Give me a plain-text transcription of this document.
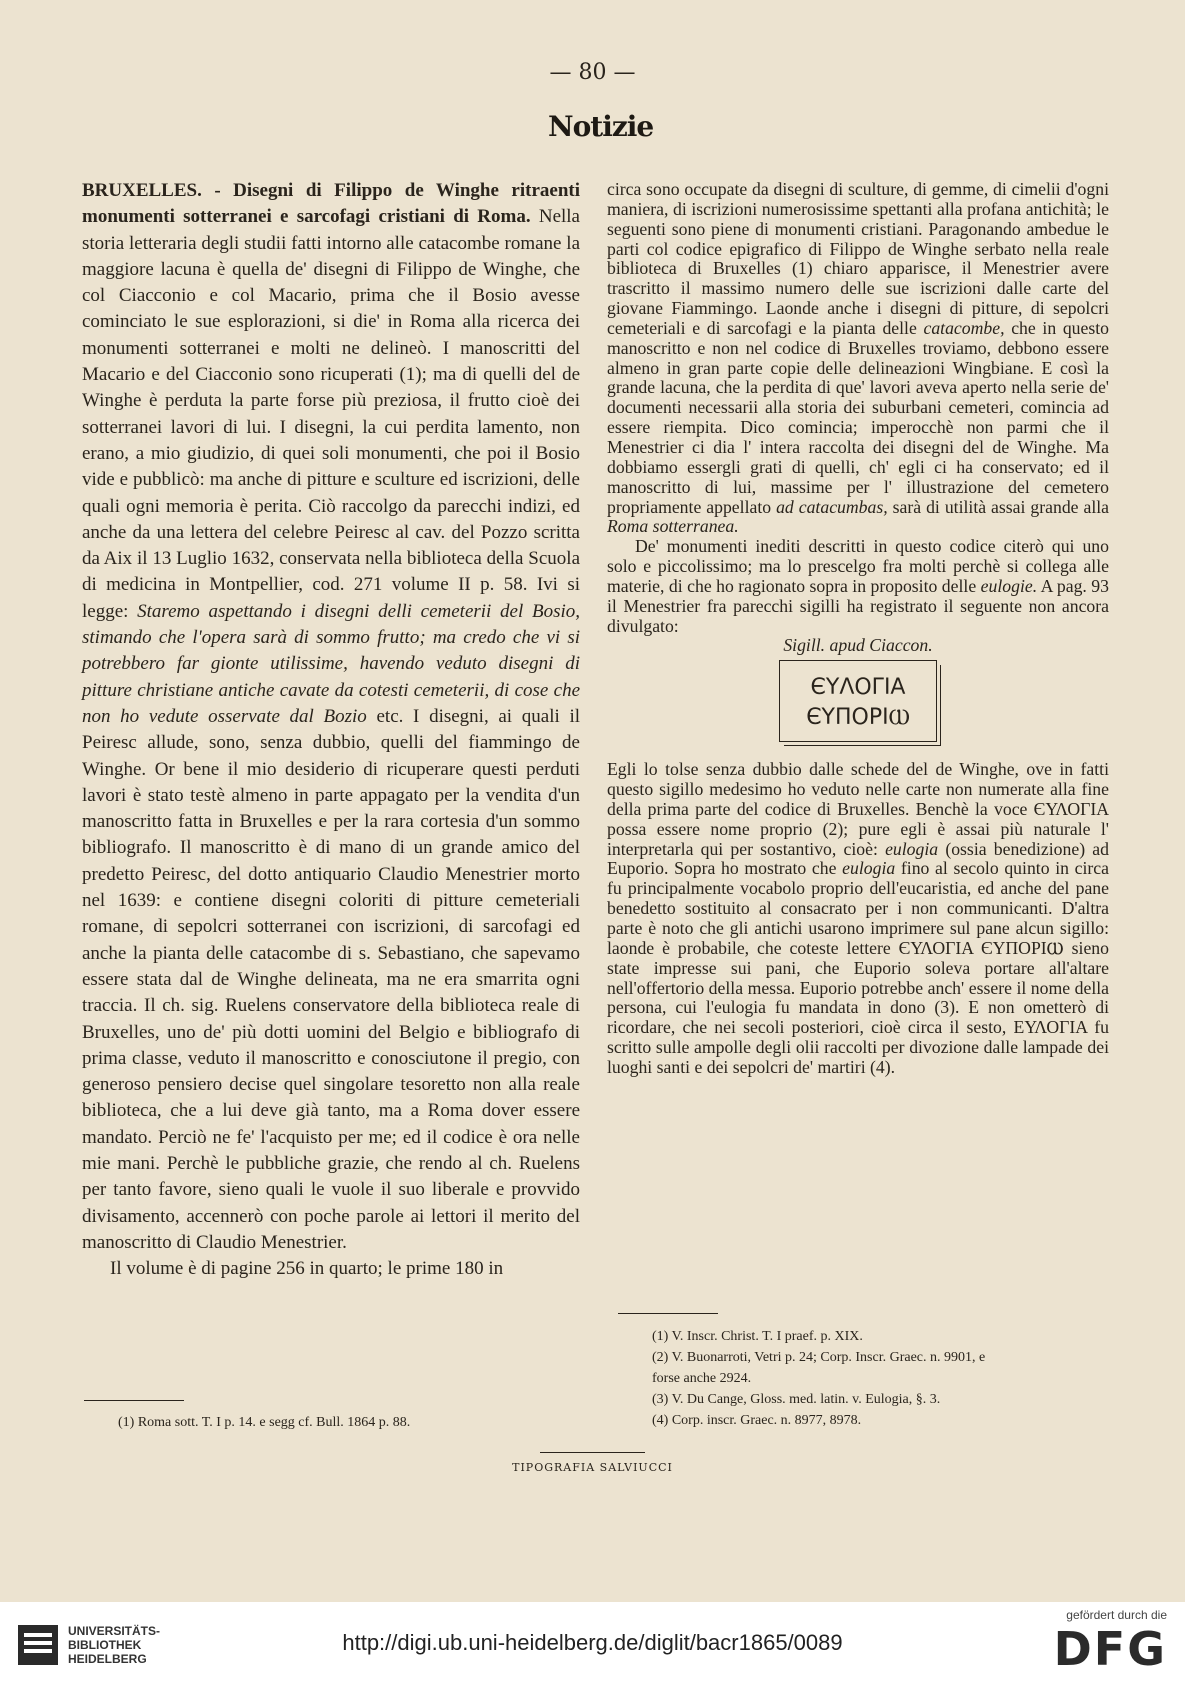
— 80 —
Notizie

BRUXELLES. - Disegni di Filippo de Winghe ritraenti monumenti sotterranei e sarcofagi cristiani di Roma. Nella storia letteraria degli studii fatti intorno alle catacombe romane la maggiore lacuna è quella de' disegni di Filippo de Winghe, che col Ciacconio e col Macario, prima che il Bosio avesse cominciato le sue esplorazioni, si die' in Roma alla ricerca dei monumenti sotterranei e molti ne delineò. I manoscritti del Macario e del Ciacconio sono ricuperati (1); ma di quelli del de Winghe è perduta la parte forse più preziosa, il frutto cioè dei sotterranei lavori di lui. I disegni, la cui perdita lamento, non erano, a mio giudizio, di quei soli monumenti, che poi il Bosio vide e pubblicò: ma anche di pitture e sculture ed iscrizioni, delle quali ogni memoria è perita. Ciò raccolgo da parecchi indizi, ed anche da una lettera del celebre Peiresc al cav. del Pozzo scritta da Aix il 13 Luglio 1632, conservata nella biblioteca della Scuola di medicina in Montpellier, cod. 271 volume II p. 58. Ivi si legge: Staremo aspettando i disegni delli cemeterii del Bosio, stimando che l'opera sarà di sommo frutto; ma credo che vi si potrebbero far gionte utilissime, havendo veduto disegni di pitture christiane antiche cavate da cotesti cemeterii, di cose che non ho vedute osservate dal Bozio etc. I disegni, ai quali il Peiresc allude, sono, senza dubbio, quelli del fiammingo de Winghe. Or bene il mio desiderio di ricuperare questi perduti lavori è stato testè almeno in parte appagato per la vendita d'un manoscritto fatta in Bruxelles e per la rara cortesia d'un sommo bibliografo. Il manoscritto è di mano di un grande amico del predetto Peiresc, del dotto antiquario Claudio Menestrier morto nel 1639: e contiene disegni coloriti di pitture cemeteriali romane, di sepolcri sotterranei con iscrizioni, di sarcofagi ed anche la pianta delle catacombe di s. Sebastiano, che sapevamo essere stata dal de Winghe delineata, ma ne era smarrita ogni traccia. Il ch. sig. Ruelens conservatore della biblioteca reale di Bruxelles, uno de' più dotti uomini del Belgio e bibliografo di prima classe, veduto il manoscritto e conosciutone il pregio, con generoso pensiero decise quel singolare tesoretto non alla reale biblioteca, che a lui deve già tanto, ma a Roma dover essere mandato. Perciò ne fe' l'acquisto per me; ed il codice è ora nelle mie mani. Perchè le pubbliche grazie, che rendo al ch. Ruelens per tanto favore, sieno quali le vuole il suo liberale e provvido divisamento, accennerò con poche parole ai lettori il merito del manoscritto di Claudio Menestrier.

Il volume è di pagine 256 in quarto; le prime 180 in

circa sono occupate da disegni di sculture, di gemme, di cimelii d'ogni maniera, di iscrizioni numerosissime spettanti alla profana antichità; le seguenti sono piene di monumenti cristiani. Paragonando ambedue le parti col codice epigrafico di Filippo de Winghe serbato nella reale biblioteca di Bruxelles (1) chiaro apparisce, il Menestrier avere trascritto il massimo numero delle sue iscrizioni dalle carte del giovane Fiammingo. Laonde anche i disegni di pitture, di sepolcri cemeteriali e di sarcofagi e la pianta delle catacombe, che in questo manoscritto e non nel codice di Bruxelles troviamo, debbono essere almeno in gran parte copie delle delineazioni Wingbiane. E così la grande lacuna, che la perdita di que' lavori aveva aperto nella serie de' documenti necessarii alla storia dei suburbani cemeteri, comincia ad essere riempita. Dico comincia; imperocchè non parmi che il Menestrier ci dia l' intera raccolta dei disegni del de Winghe. Ma dobbiamo essergli grati di quelli, ch' egli ci ha conservato; ed il manoscritto di lui, massime per l' illustrazione del cemetero propriamente appellato ad catacumbas, sarà di utilità assai grande alla Roma sotterranea.

De' monumenti inediti descritti in questo codice citerò qui uno solo e piccolissimo; ma lo prescelgo fra molti perchè si collega alle materie, di che ho ragionato sopra in proposito delle eulogie. A pag. 93 il Menestrier fra parecchi sigilli ha registrato il seguente non ancora divulgato:

Sigill. apud Ciaccon.

ЄΥΛΟΓΙΑ
ЄΥΠΟΡΙⲰ

Egli lo tolse senza dubbio dalle schede del de Winghe, ove in fatti questo sigillo medesimo ho veduto nelle carte non numerate alla fine della prima parte del codice di Bruxelles. Benchè la voce ЄΥΛΟΓΙΑ possa essere nome proprio (2); pure egli è assai più naturale l' interpretarla qui per sostantivo, cioè: eulogia (ossia benedizione) ad Euporio. Sopra ho mostrato che eulogia fino al secolo quinto in circa fu principalmente vocabolo proprio dell'eucaristia, ed anche del pane benedetto sostituito al consacrato per i non communicanti. D'altra parte è noto che gli antichi usarono imprimere sul pane alcun sigillo: laonde è probabile, che coteste lettere ЄΥΛΟΓΙΑ ЄΥΠΟΡΙⲰ sieno state impresse sui pani, che Euporio soleva portare all'altare nell'offertorio della messa. Euporio potrebbe anch' essere il nome della persona, cui l'eulogia fu mandata in dono (3). E non ometterò di ricordare, che nei secoli posteriori, cioè circa il sesto, ΕΥΛΟΓΙΑ fu scritto sulle ampolle degli olii raccolti per divozione dalle lampade dei luoghi santi e dei sepolcri de' martiri (4).

(1) Roma sott. T. I p. 14. e segg cf. Bull. 1864 p. 88.
(1) V. Inscr. Christ. T. I praef. p. XIX.
(2) V. Buonarroti, Vetri p. 24; Corp. Inscr. Graec. n. 9901, e
forse anche 2924.
(3) V. Du Cange, Gloss. med. latin. v. Eulogia, §. 3.
(4) Corp. inscr. Graec. n. 8977, 8978.
TIPOGRAFIA SALVIUCCI
UNIVERSITÄTS-
BIBLIOTHEK
HEIDELBERG
http://digi.ub.uni-heidelberg.de/diglit/bacr1865/0089
gefördert durch die
DFG
